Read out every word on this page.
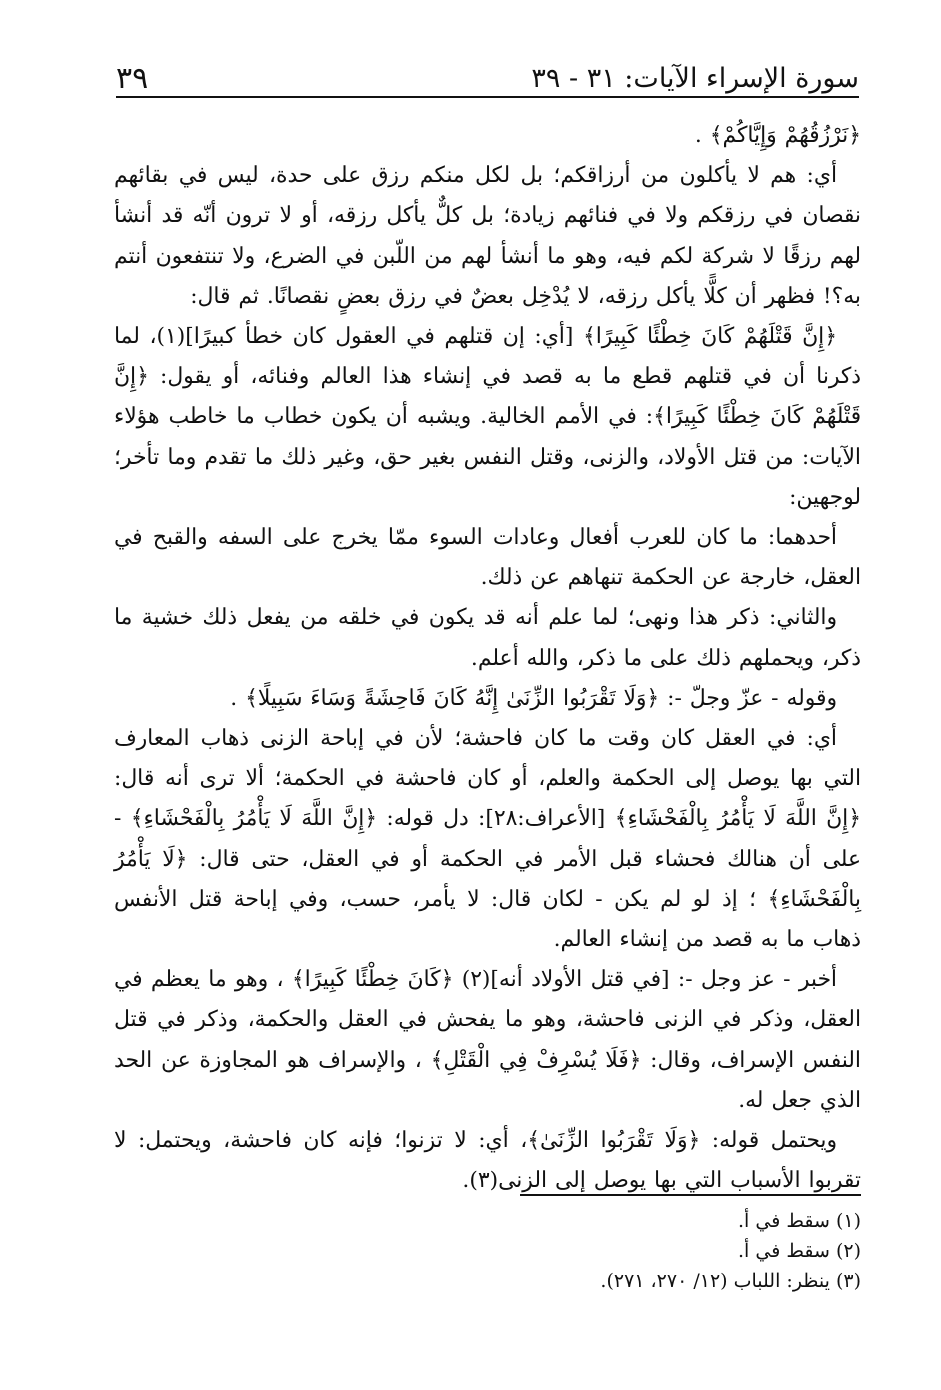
سورة الإسراء الآيات: ٣١ - ٣٩
٣٩

﴿نَرْزُقُهُمْ وَإِيَّاكُمْ﴾ .

أي: هم لا يأكلون من أرزاقكم؛ بل لكل منكم رزق على حدة، ليس في بقائهم نقصان في رزقكم ولا في فنائهم زيادة؛ بل كلٌّ يأكل رزقه، أو لا ترون أنّه قد أنشأ لهم رزقًا لا شركة لكم فيه، وهو ما أنشأ لهم من اللّبن في الضرع، ولا تنتفعون أنتم به؟! فظهر أن كلًّا يأكل رزقه، لا يُدْخِل بعضٌ في رزق بعضٍ نقصانًا. ثم قال:

﴿إِنَّ قَتْلَهُمْ كَانَ خِطْئًا كَبِيرًا﴾ [أي: إن قتلهم في العقول كان خطأ كبيرًا](١)، لما ذكرنا أن في قتلهم قطع ما به قصد في إنشاء هذا العالم وفنائه، أو يقول: ﴿إِنَّ قَتْلَهُمْ كَانَ خِطْئًا كَبِيرًا﴾: في الأمم الخالية. ويشبه أن يكون خطاب ما خاطب هؤلاء الآيات: من قتل الأولاد، والزنى، وقتل النفس بغير حق، وغير ذلك ما تقدم وما تأخر؛ لوجهين:

أحدهما: ما كان للعرب أفعال وعادات السوء ممّا يخرج على السفه والقبح في العقل، خارجة عن الحكمة تنهاهم عن ذلك.

والثاني: ذكر هذا ونهى؛ لما علم أنه قد يكون في خلقه من يفعل ذلك خشية ما ذكر، ويحملهم ذلك على ما ذكر، والله أعلم.

وقوله - عزّ وجلّ -: ﴿وَلَا تَقْرَبُوا الزِّنَىٰ إِنَّهُ كَانَ فَاحِشَةً وَسَاءَ سَبِيلًا﴾ .

أي: في العقل كان وقت ما كان فاحشة؛ لأن في إباحة الزنى ذهاب المعارف التي بها يوصل إلى الحكمة والعلم، أو كان فاحشة في الحكمة؛ ألا ترى أنه قال: ﴿إِنَّ اللَّهَ لَا يَأْمُرُ بِالْفَحْشَاءِ﴾ [الأعراف:٢٨]: دل قوله: ﴿إِنَّ اللَّهَ لَا يَأْمُرُ بِالْفَحْشَاءِ﴾ - على أن هنالك فحشاء قبل الأمر في الحكمة أو في العقل، حتى قال: ﴿لَا يَأْمُرُ بِالْفَحْشَاءِ﴾ ؛ إذ لو لم يكن - لكان قال: لا يأمر، حسب، وفي إباحة قتل الأنفس ذهاب ما به قصد من إنشاء العالم.

أخبر - عز وجل -: [في قتل الأولاد أنه](٢) ﴿كَانَ خِطْئًا كَبِيرًا﴾ ، وهو ما يعظم في العقل، وذكر في الزنى فاحشة، وهو ما يفحش في العقل والحكمة، وذكر في قتل النفس الإسراف، وقال: ﴿فَلَا يُسْرِفْ فِي الْقَتْلِ﴾ ، والإسراف هو المجاوزة عن الحد الذي جعل له.

ويحتمل قوله: ﴿وَلَا تَقْرَبُوا الزِّنَىٰ﴾، أي: لا تزنوا؛ فإنه كان فاحشة، ويحتمل: لا تقربوا الأسباب التي بها يوصل إلى الزنى(٣).

(١) سقط في أ.

(٢) سقط في أ.

(٣) ينظر: اللباب (١٢/ ٢٧٠، ٢٧١).
